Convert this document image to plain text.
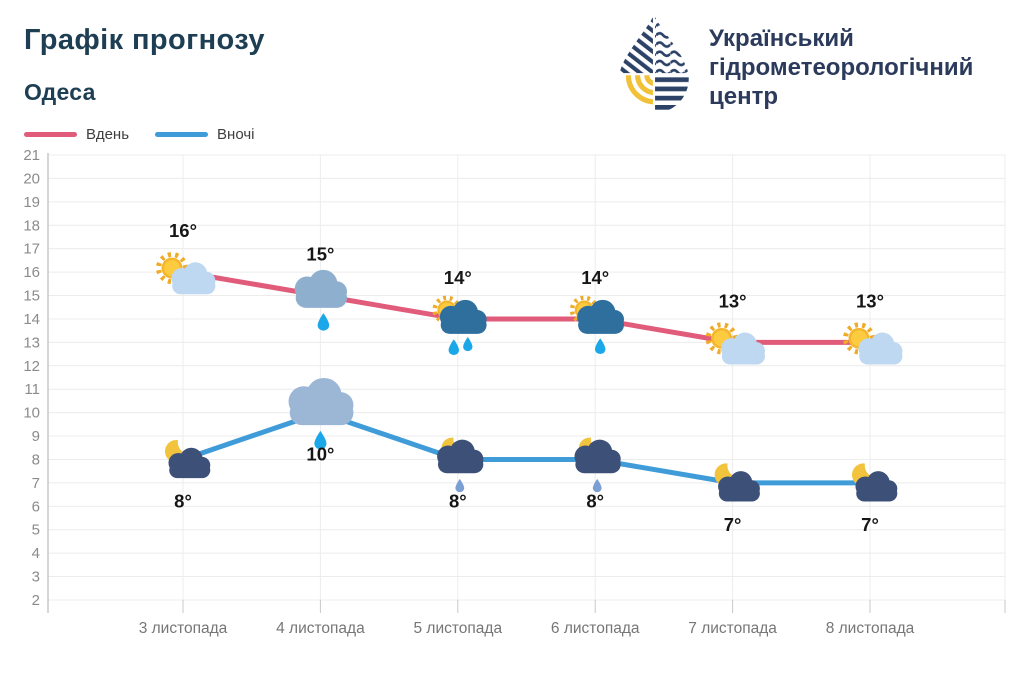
Графік прогнозу
Одеса
Український
гідрометеорологічний
центр
Вдень	Вночі
2
3
4
5
6
7
8
9
10
11
12
13
14
15
16
17
18
19
20
21
3 листопада	4 листопада	5 листопада	6 листопада	7 листопада	8 листопада
16°
15°
14°	14°
13°	13°
8°
10°
8°	8°
7°	7°
